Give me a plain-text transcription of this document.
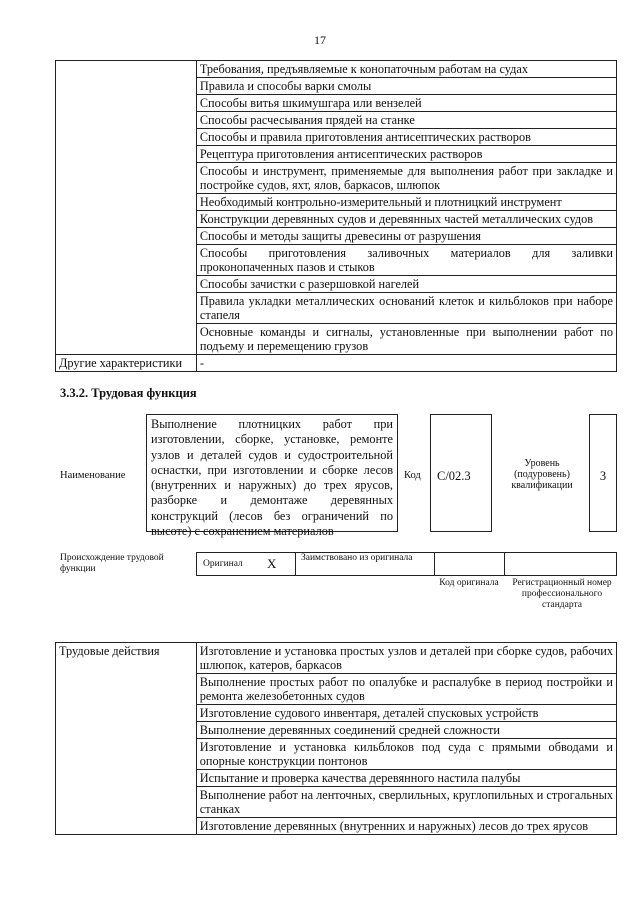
17
	Требования, предъявляемые к конопаточным работам на судах
	Правила и способы варки смолы
	Способы витья шкимушгара или вензелей
	Способы расчесывания прядей на станке
	Способы и правила приготовления антисептических растворов
	Рецептура приготовления антисептических растворов
	Способы и инструмент, применяемые для выполнения работ при закладке и постройке судов, яхт, ялов, баркасов, шлюпок
	Необходимый контрольно-измерительный и плотницкий инструмент
	Конструкции деревянных судов и деревянных частей металлических судов
	Способы и методы защиты древесины от разрушения
	Способы приготовления заливочных материалов для заливки проконопаченных пазов и стыков
	Способы зачистки с разершовкой нагелей
	Правила укладки металлических оснований клеток и кильблоков при наборе стапеля
	Основные команды и сигналы, установленные при выполнении работ по подъему и перемещению грузов
Другие характеристики	-
3.3.2. Трудовая функция
Наименование
Выполнение плотницких работ при изготовлении, сборке, установке, ремонте узлов и деталей судов и судостроительной оснастки, при изготовлении и сборке лесов (внутренних и наружных) до трех ярусов, разборке и демонтаже деревянных конструкций (лесов без ограничений по высоте) с сохранением материалов
Код C/02.3
Уровень (подуровень) квалификации
3
Происхождение трудовой функции	Оригинал X	Заимствовано из оригинала
Код оригинала	Регистрационный номер профессионального стандарта
Трудовые действия	Изготовление и установка простых узлов и деталей при сборке судов, рабочих шлюпок, катеров, баркасов
Выполнение простых работ по опалубке и распалубке в период постройки и ремонта железобетонных судов
Изготовление судового инвентаря, деталей спусковых устройств
Выполнение деревянных соединений средней сложности
Изготовление и установка кильблоков под суда с прямыми обводами и опорные конструкции понтонов
Испытание и проверка качества деревянного настила палубы
Выполнение работ на ленточных, сверлильных, круглопильных и строгальных станках
Изготовление деревянных (внутренних и наружных) лесов до трех ярусов
